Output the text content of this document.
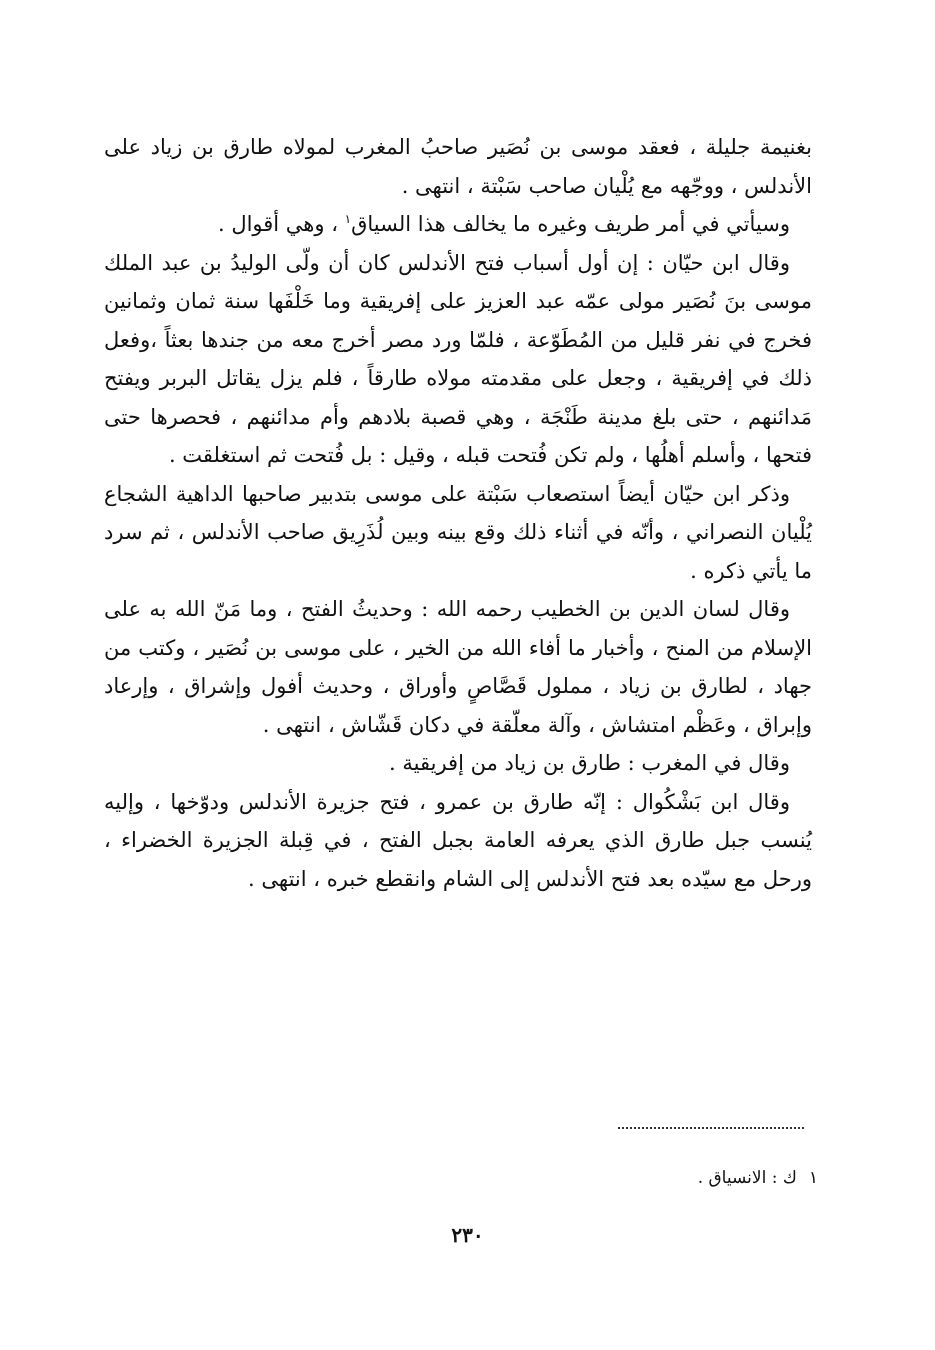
بغنيمة جليلة ، فعقد موسى بن نُصَير صاحبُ المغرب لمولاه طارق بن زياد على الأندلس ، ووجّهه مع يُلْيان صاحب سَبْتة ، انتهى .

وسيأتي في أمر طريف وغيره ما يخالف هذا السياق$^١$ ، وهي أقوال .

وقال ابن حيّان : إن أول أسباب فتح الأندلس كان أن ولّى الوليدُ بن عبد الملك موسى بنَ نُصَير مولى عمّه عبد العزيز على إفريقية وما خَلْفَها سنة ثمان وثمانين فخرج في نفر قليل من المُطَوّعة ، فلمّا ورد مصر أخرج معه من جندها بعثاً ،وفعل ذلك في إفريقية ، وجعل على مقدمته مولاه طارقاً ، فلم يزل يقاتل البربر ويفتح مَدائنهم ، حتى بلغ مدينة طَنْجَة ، وهي قصبة بلادهم وأم مدائنهم ، فحصرها حتى فتحها ، وأسلم أهلُها ، ولم تكن فُتحت قبله ، وقيل : بل فُتحت ثم استغلقت .

وذكر ابن حيّان أيضاً استصعاب سَبْتة على موسى بتدبير صاحبها الداهية الشجاع يُلْيان النصراني ، وأنّه في أثناء ذلك وقع بينه وبين لُذَرِيق صاحب الأندلس ، ثم سرد ما يأتي ذكره .

وقال لسان الدين بن الخطيب رحمه الله : وحديثُ الفتح ، وما مَنّ الله به على الإسلام من المنح ، وأخبار ما أفاء الله من الخير ، على موسى بن نُصَير ، وكتب من جهاد ، لطارق بن زياد ، مملول قَصَّاصٍ وأوراق ، وحديث أفول وإشراق ، وإرعاد وإبراق ، وعَظْم امتشاش ، وآلة معلّقة في دكان قَشّاش ، انتهى .

وقال في المغرب : طارق بن زياد من إفريقية .

وقال ابن بَشْكُوال : إنّه طارق بن عمرو ، فتح جزيرة الأندلس ودوّخها ، وإليه يُنسب جبل طارق الذي يعرفه العامة بجبل الفتح ، في قِبلة الجزيرة الخضراء ، ورحل مع سيّده بعد فتح الأندلس إلى الشام وانقطع خبره ، انتهى .

١ك : الانسياق .
٢٣٠
